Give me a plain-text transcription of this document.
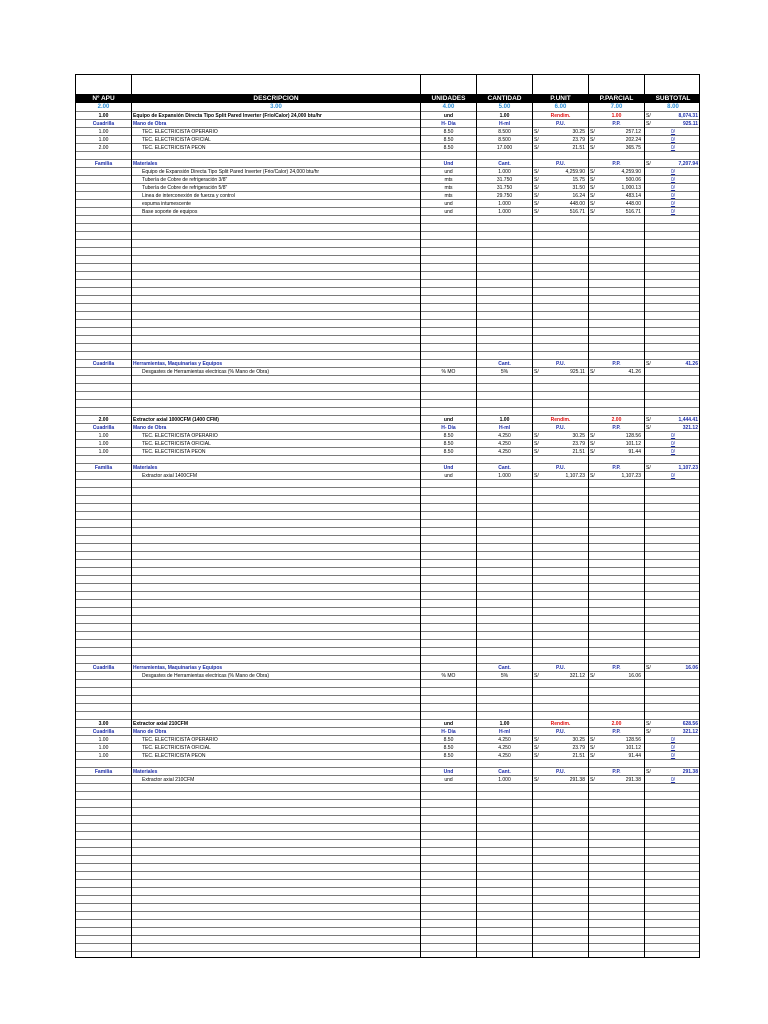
Nº APU	DESCRIPCION	UNIDADES	CANTIDAD	P.UNIT	P.PARCIAL	SUBTOTAL
2.00	3.00	4.00	5.00	6.00	7.00	8.00
1.00	Equipo de Expansión Directa Tipo Split Pared Inverter (Frio/Calor) 24,000 btu/hr	und	1.00	Rendim.	1.00	S/	8,074.31
Cuadrilla	Mano de Obra	H- Día	H-ml	P.U.	P.P.	S/	925.11
1.00	TEC. ELECTRICISTA OPERARIO	8.50	8.500	S/	30.25 S/	257.12	0/
1.00	TEC. ELECTRICISTA OFICIAL	8.50	8.500	S/	23.79 S/	202.24	0/
2.00	TEC. ELECTRICISTA PEON	8.50	17.000	S/	21.51 S/	365.75	0/
Familia	Materiales	Und	Cant.	P.U.	P.P.	S/	7,207.94
Equipo de Expansión Directa Tipo Split Pared Inverter (Frio/Calor) 24,000 btu/hr	und	1.000	S/	4,259.90 S/	4,259.90	0/
Tubería de Cobre de refrigeración 3/8"	mts	31.750	S/	15.75 S/	500.06	0/
Tubería de Cobre de refrigeración 5/8"	mts	31.750	S/	31.50 S/	1,000.13	0/
Linea de interconexión de fuerza y control	mts	29.750	S/	16.24 S/	483.14	0/
espuma intumescente	und	1.000	S/	448.00 S/	448.00	0/
Base soporte de equipos	und	1.000	S/	516.71 S/	516.71	0/
Cuadrilla	Herramientas, Maquinarias y Equipos	Cant.	P.U.	P.P.	S/	41.26
Desgastes de Herramientas electricas (% Mano de Obra)	% MO	5%	S/	925.11 S/	41.26
2.00	Extractor axial 1000CFM (1400 CFM)	und	1.00	Rendim.	2.00	S/	1,444.41
Cuadrilla	Mano de Obra	H- Día	H-ml	P.U.	P.P.	S/	321.12
1.00	TEC. ELECTRICISTA OPERARIO	8.50	4.250	S/	30.25 S/	128.56	0/
1.00	TEC. ELECTRICISTA OFICIAL	8.50	4.250	S/	23.79 S/	101.12	0/
1.00	TEC. ELECTRICISTA PEON	8.50	4.250	S/	21.51 S/	91.44	0/
Familia	Materiales	Und	Cant.	P.U.	P.P.	S/	1,107.23
Extractor axial 1400CFM	und	1.000	S/	1,107.23 S/	1,107.23	0/
Cuadrilla	Herramientas, Maquinarias y Equipos	Cant.	P.U.	P.P.	S/	16.06
Desgastes de Herramientas electricas (% Mano de Obra)	% MO	5%	S/	321.12 S/	16.06
3.00	Extractor axial 210CFM	und	1.00	Rendim.	2.00	S/	628.56
Cuadrilla	Mano de Obra	H- Día	H-ml	P.U.	P.P.	S/	321.12
1.00	TEC. ELECTRICISTA OPERARIO	8.50	4.250	S/	30.25 S/	128.56	0/
1.00	TEC. ELECTRICISTA OFICIAL	8.50	4.250	S/	23.79 S/	101.12	0/
1.00	TEC. ELECTRICISTA PEON	8.50	4.250	S/	21.51 S/	91.44	0/
Familia	Materiales	Und	Cant.	P.U.	P.P.	S/	291.38
Extractor axial 210CFM	und	1.000	S/	291.38 S/	291.38	0/
